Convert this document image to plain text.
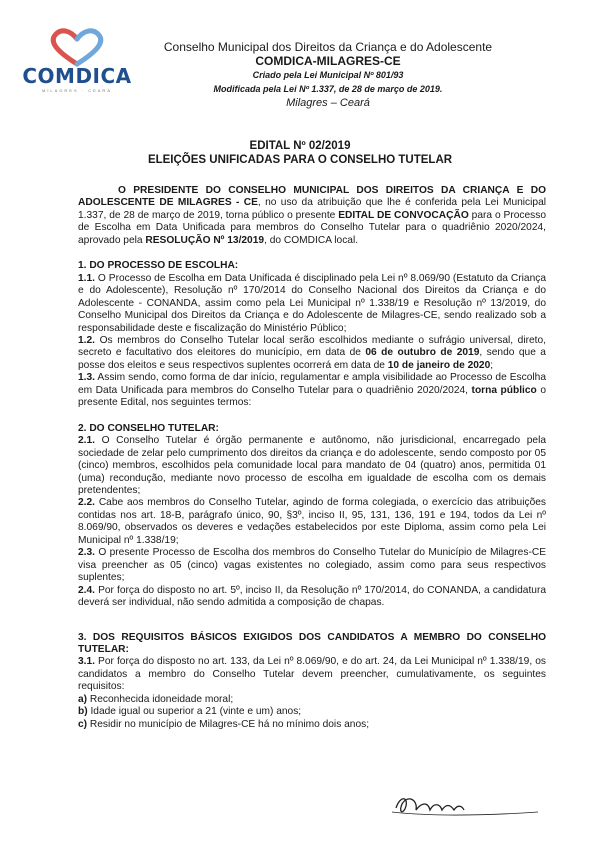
COMDICA
MILAGRES · CEARÁ
Conselho Municipal dos Direitos da Criança e do Adolescente
COMDICA-MILAGRES-CE
Criado pela Lei Municipal Nº 801/93
Modificada pela Lei Nº 1.337, de 28 de março de 2019.
Milagres – Ceará
EDITAL Nº 02/2019
ELEIÇÕES UNIFICADAS PARA O CONSELHO TUTELAR

O PRESIDENTE DO CONSELHO MUNICIPAL DOS DIREITOS DA CRIANÇA E DO ADOLESCENTE DE MILAGRES - CE, no uso da atribuição que lhe é conferida pela Lei Municipal 1.337, de 28 de março de 2019, torna público o presente EDITAL DE CONVOCAÇÃO para o Processo de Escolha em Data Unificada para membros do Conselho Tutelar para o quadriênio 2020/2024, aprovado pela RESOLUÇÃO Nº 13/2019, do COMDICA local.

1. DO PROCESSO DE ESCOLHA:

1.1. O Processo de Escolha em Data Unificada é disciplinado pela Lei nº 8.069/90 (Estatuto da Criança e do Adolescente), Resolução nº 170/2014 do Conselho Nacional dos Direitos da Criança e do Adolescente - CONANDA, assim como pela Lei Municipal nº 1.338/19 e Resolução nº 13/2019, do Conselho Municipal dos Direitos da Criança e do Adolescente de Milagres-CE, sendo realizado sob a responsabilidade deste e fiscalização do Ministério Público;

1.2. Os membros do Conselho Tutelar local serão escolhidos mediante o sufrágio universal, direto, secreto e facultativo dos eleitores do município, em data de 06 de outubro de 2019, sendo que a posse dos eleitos e seus respectivos suplentes ocorrerá em data de 10 de janeiro de 2020;

1.3. Assim sendo, como forma de dar início, regulamentar e ampla visibilidade ao Processo de Escolha em Data Unificada para membros do Conselho Tutelar para o quadriênio 2020/2024, torna público o presente Edital, nos seguintes termos:

2. DO CONSELHO TUTELAR:

2.1. O Conselho Tutelar é órgão permanente e autônomo, não jurisdicional, encarregado pela sociedade de zelar pelo cumprimento dos direitos da criança e do adolescente, sendo composto por 05 (cinco) membros, escolhidos pela comunidade local para mandato de 04 (quatro) anos, permitida 01 (uma) recondução, mediante novo processo de escolha em igualdade de escolha com os demais pretendentes;

2.2. Cabe aos membros do Conselho Tutelar, agindo de forma colegiada, o exercício das atribuições contidas nos art. 18-B, parágrafo único, 90, §3º, inciso II, 95, 131, 136, 191 e 194, todos da Lei nº 8.069/90, observados os deveres e vedações estabelecidos por este Diploma, assim como pela Lei Municipal nº 1.338/19;

2.3. O presente Processo de Escolha dos membros do Conselho Tutelar do Município de Milagres-CE visa preencher as 05 (cinco) vagas existentes no colegiado, assim como para seus respectivos suplentes;

2.4. Por força do disposto no art. 5º, inciso II, da Resolução nº 170/2014, do CONANDA, a candidatura deverá ser individual, não sendo admitida a composição de chapas.

3. DOS REQUISITOS BÁSICOS EXIGIDOS DOS CANDIDATOS A MEMBRO DO CONSELHO TUTELAR:

3.1. Por força do disposto no art. 133, da Lei nº 8.069/90, e do art. 24, da Lei Municipal nº 1.338/19, os candidatos a membro do Conselho Tutelar devem preencher, cumulativamente, os seguintes requisitos:

a) Reconhecida idoneidade moral;

b) Idade igual ou superior a 21 (vinte e um) anos;

c) Residir no município de Milagres-CE há no mínimo dois anos;
